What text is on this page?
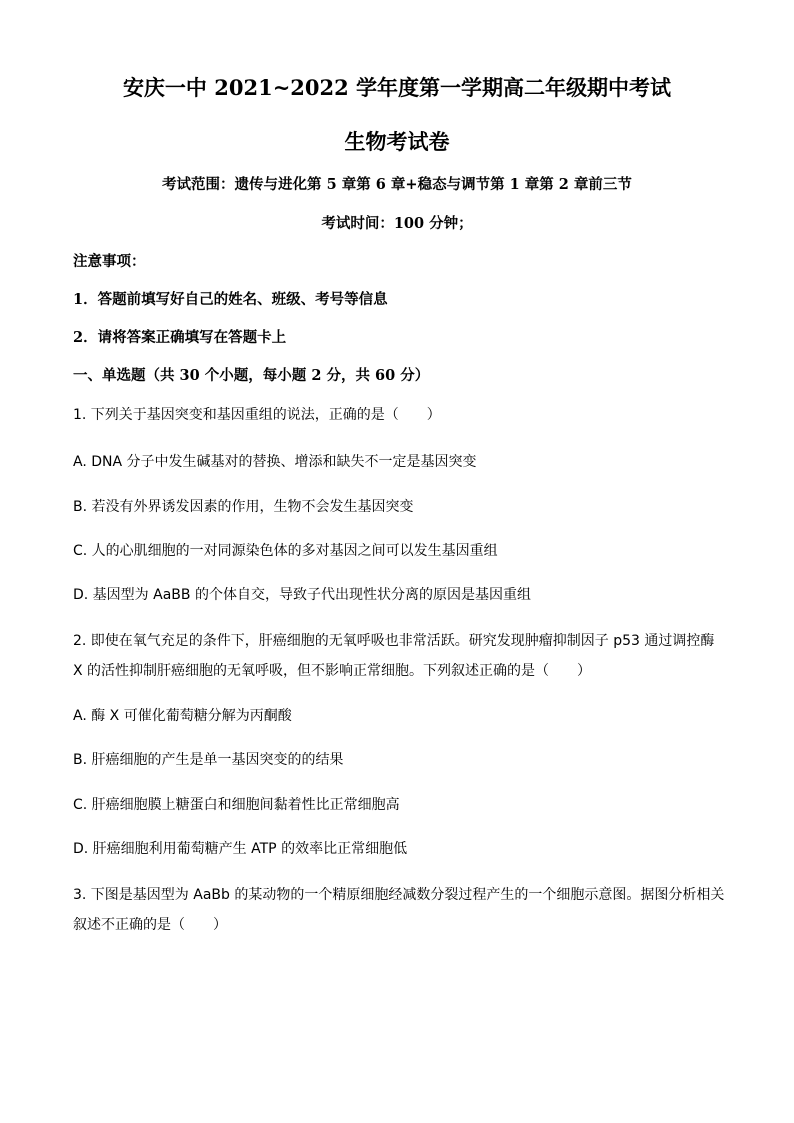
安庆一中 2021~2022 学年度第一学期高二年级期中考试
生物考试卷
考试范围：遗传与进化第 5 章第 6 章+稳态与调节第 1 章第 2 章前三节
考试时间：100 分钟；
注意事项：
1．答题前填写好自己的姓名、班级、考号等信息
2．请将答案正确填写在答题卡上
一、单选题（共 30 个小题，每小题 2 分，共 60 分）
1. 下列关于基因突变和基因重组的说法，正确的是（　　）
A. DNA 分子中发生碱基对的替换、增添和缺失不一定是基因突变
B. 若没有外界诱发因素的作用，生物不会发生基因突变
C. 人的心肌细胞的一对同源染色体的多对基因之间可以发生基因重组
D. 基因型为 AaBB 的个体自交，导致子代出现性状分离的原因是基因重组
2. 即使在氧气充足的条件下，肝癌细胞的无氧呼吸也非常活跃。研究发现肿瘤抑制因子 p53 通过调控酶
X 的活性抑制肝癌细胞的无氧呼吸，但不影响正常细胞。下列叙述正确的是（　　）
A. 酶 X 可催化葡萄糖分解为丙酮酸
B. 肝癌细胞的产生是单一基因突变的的结果
C. 肝癌细胞膜上糖蛋白和细胞间黏着性比正常细胞高
D. 肝癌细胞利用葡萄糖产生 ATP 的效率比正常细胞低
3. 下图是基因型为 AaBb 的某动物的一个精原细胞经减数分裂过程产生的一个细胞示意图。据图分析相关
叙述不正确的是（　　）
